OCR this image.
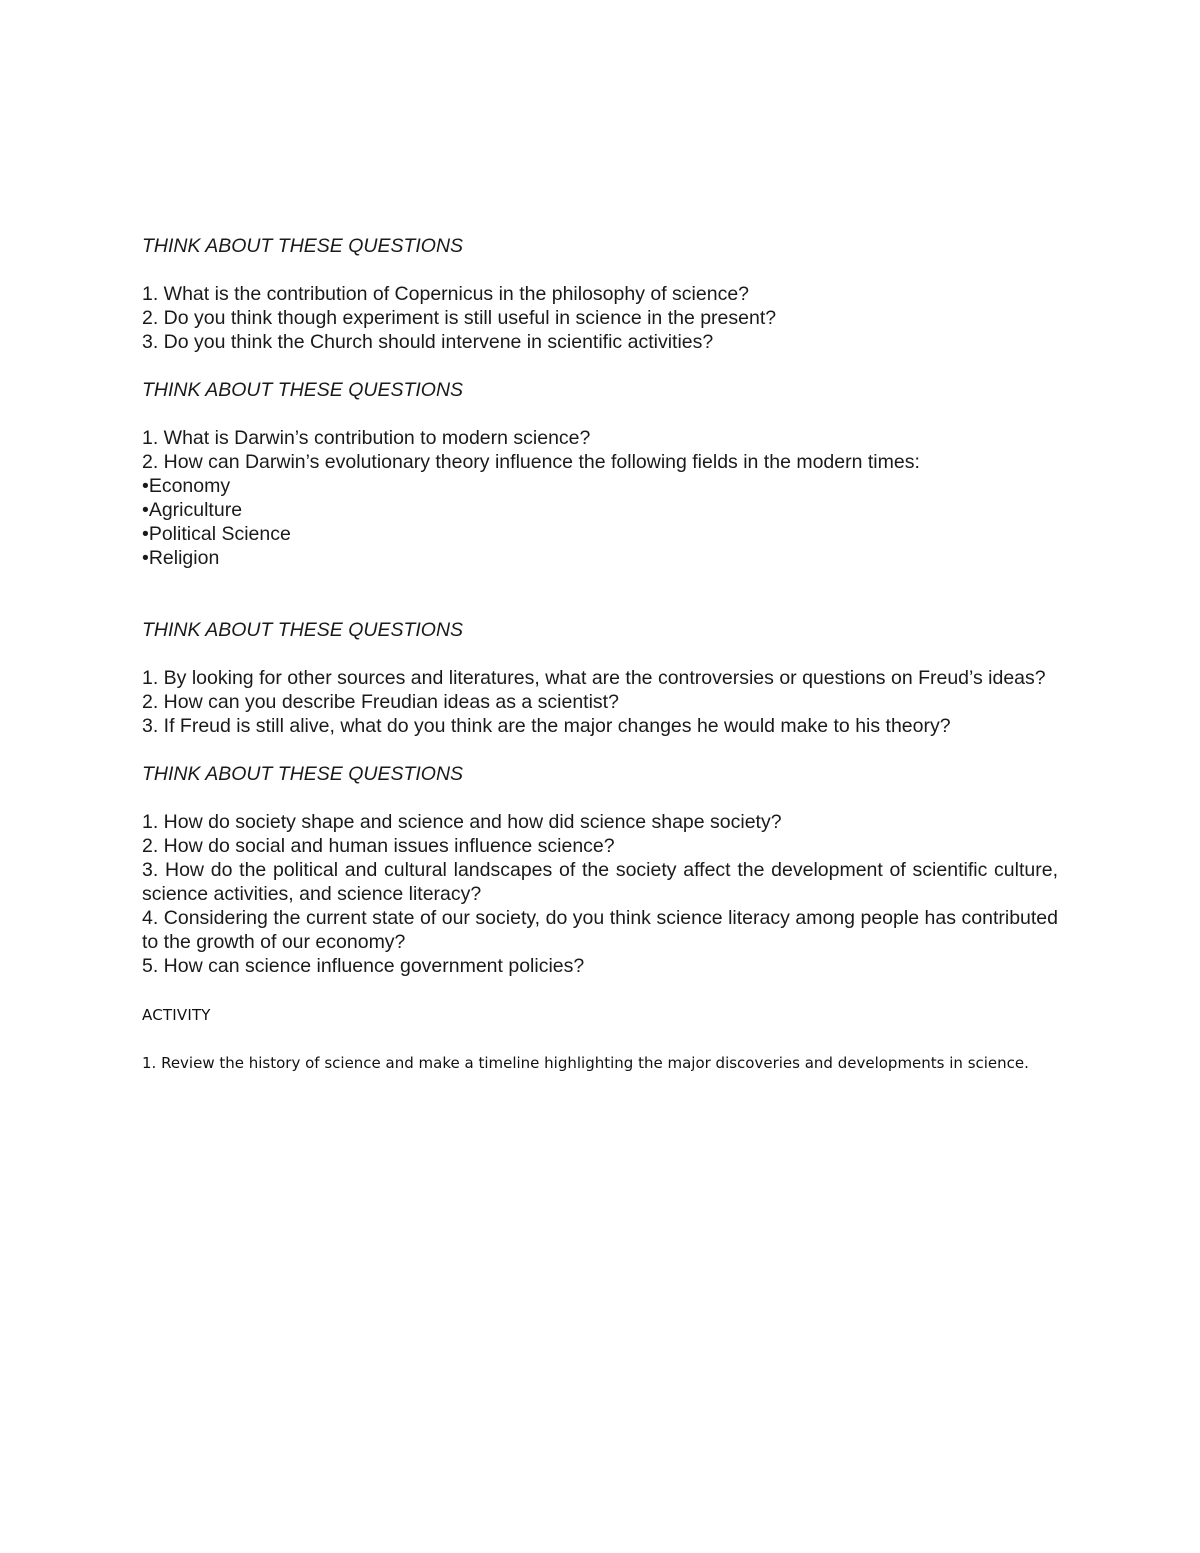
THINK ABOUT THESE QUESTIONS

1. What is the contribution of Copernicus in the philosophy of science?

2. Do you think though experiment is still useful in science in the present?

3. Do you think the Church should intervene in scientific activities?

THINK ABOUT THESE QUESTIONS

1. What is Darwin’s contribution to modern science?

2. How can Darwin’s evolutionary theory influence the following fields in the modern times:

•Economy

•Agriculture

•Political Science

•Religion

THINK ABOUT THESE QUESTIONS

1. By looking for other sources and literatures, what are the controversies or questions on Freud’s ideas?

2. How can you describe Freudian ideas as a scientist?

3. If Freud is still alive, what do you think are the major changes he would make to his theory?

THINK ABOUT THESE QUESTIONS

1. How do society shape and science and how did science shape society?

2. How do social and human issues influence science?

3. How do the political and cultural landscapes of the society affect the development of scientific culture, science activities, and science literacy?

4. Considering the current state of our society, do you think science literacy among people has contributed to the growth of our economy?

5. How can science influence government policies?

ACTIVITY

1. Review the history of science and make a timeline highlighting the major discoveries and developments in science.
